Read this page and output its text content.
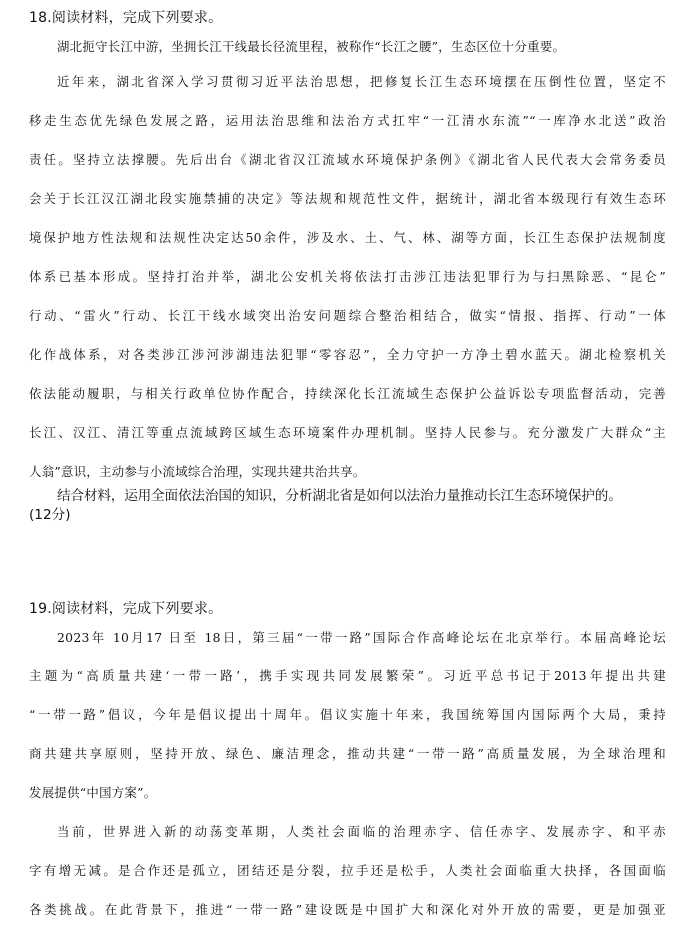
18.阅读材料，完成下列要求。
湖北扼守长江中游，坐拥长江干线最长径流里程，被称作“长江之腰”，生态区位十分重要。
近年来，湖北省深入学习贯彻习近平法治思想，把修复长江生态环境摆在压倒性位置，坚定不
移走生态优先绿色发展之路，运用法治思维和法治方式扛牢“一江清水东流”“一库净水北送”政治
责任。坚持立法撑腰。先后出台《湖北省汉江流域水环境保护条例》《湖北省人民代表大会常务委员
会关于长江汉江湖北段实施禁捕的决定》等法规和规范性文件，据统计，湖北省本级现行有效生态环
境保护地方性法规和法规性决定达50余件，涉及水、土、气、林、湖等方面，长江生态保护法规制度
体系已基本形成。坚持打治并举，湖北公安机关将依法打击涉江违法犯罪行为与扫黑除恶、“昆仑”
行动、“雷火”行动、长江干线水域突出治安问题综合整治相结合，做实“情报、指挥、行动”一体
化作战体系，对各类涉江涉河涉湖违法犯罪“零容忍”，全力守护一方净土碧水蓝天。湖北检察机关
依法能动履职，与相关行政单位协作配合，持续深化长江流域生态保护公益诉讼专项监督活动，完善
长江、汉江、清江等重点流域跨区域生态环境案件办理机制。坚持人民参与。充分激发广大群众“主
人翁”意识，主动参与小流域综合治理，实现共建共治共享。
结合材料，运用全面依法治国的知识，分析湖北省是如何以法治力量推动长江生态环境保护的。
(12分)
19.阅读材料，完成下列要求。
2023年 10月17 日至 18日，第三届“一带一路”国际合作高峰论坛在北京举行。本届高峰论坛
主题为“高质量共建‘一带一路’，携手实现共同发展繁荣”。习近平总书记于2013年提出共建
“一带一路”倡议，今年是倡议提出十周年。倡议实施十年来，我国统筹国内国际两个大局，秉持
商共建共享原则，坚持开放、绿色、廉洁理念，推动共建“一带一路”高质量发展，为全球治理和
发展提供“中国方案”。
当前，世界进入新的动荡变革期，人类社会面临的治理赤字、信任赤字、发展赤字、和平赤
字有增无减。是合作还是孤立，团结还是分裂，拉手还是松手，人类社会面临重大抉择，各国面临
各类挑战。在此背景下，推进“一带一路”建设既是中国扩大和深化对外开放的需要，更是加强亚
